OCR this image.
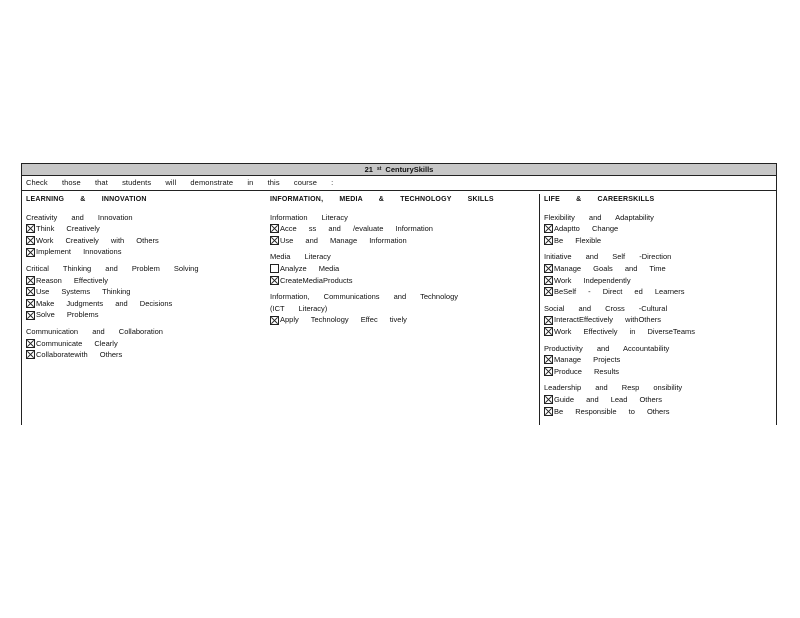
21 $^{st}$ CenturySkills
Check those that students will demonstrate in this course :
LEARNING & INNOVATION
Creativity and Innovation
Think Creatively
Work Creatively with Others
Implement Innovations
Critical Thinking and Problem Solving
Reason Effectively
Use Systems Thinking
Make Judgments and Decisions
Solve Problems
Communication and Collaboration
Communicate Clearly
Collaboratewith Others
INFORMATION, MEDIA & TECHNOLOGY SKILLS
Information Literacy
Acce ss and /evaluate Information
Use and Manage Information
Media Literacy
Analyze Media
CreateMediaProducts
Information, Communications and Technology
(ICT Literacy)
Apply Technology Effec tively
LIFE & CAREERSKILLS
Flexibility and Adaptability
Adaptto Change
Be Flexible
Initiative and Self -Direction
Manage Goals and Time
Work Independently
BeSelf - Direct ed Learners
Social and Cross -Cultural
InteractEffectively withOthers
Work Effectively in DiverseTeams
Productivity and Accountability
Manage Projects
Produce Results
Leadership and Resp onsibility
Guide and Lead Others
Be Responsible to Others
